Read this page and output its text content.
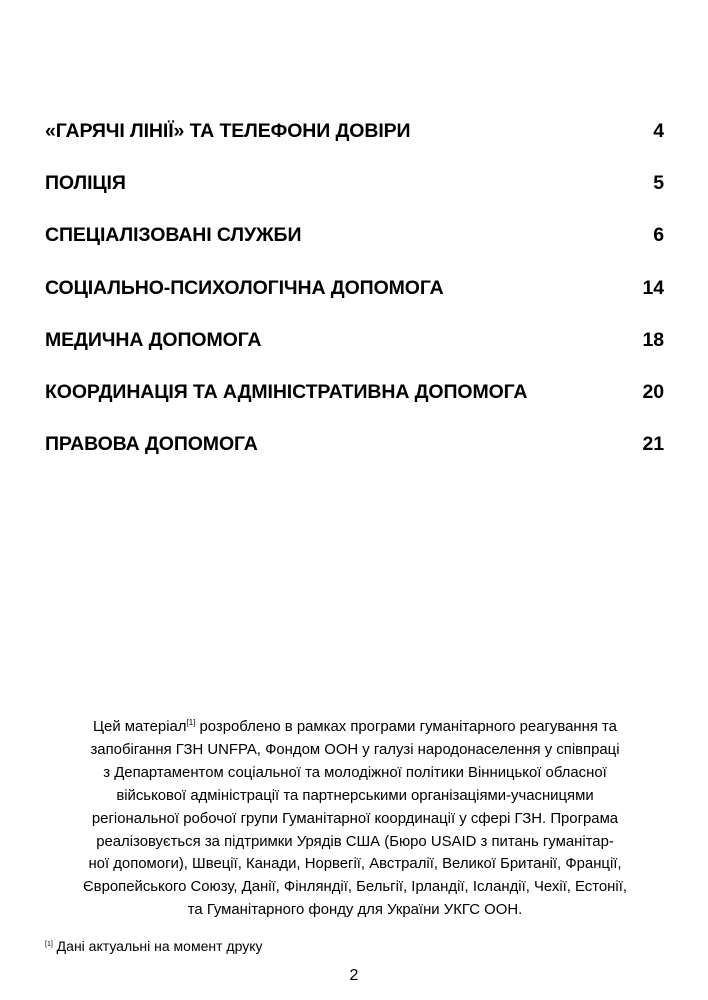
«ГАРЯЧІ ЛІНІЇ» ТА ТЕЛЕФОНИ ДОВІРИ	4
ПОЛІЦІЯ	5
СПЕЦІАЛІЗОВАНІ СЛУЖБИ	6
СОЦІАЛЬНО-ПСИХОЛОГІЧНА ДОПОМОГА	14
МЕДИЧНА ДОПОМОГА	18
КООРДИНАЦІЯ ТА АДМІНІСТРАТИВНА ДОПОМОГА	20
ПРАВОВА ДОПОМОГА	21

Цей матеріал[1] розроблено в рамках програми гуманітарного реагування та

запобігання ГЗН UNFPA, Фондом ООН у галузі народонаселення у співпраці

з Департаментом соціальної та молодіжної політики Вінницької обласної

військової адміністрації та партнерськими організаціями-учасницями

регіональної робочої групи Гуманітарної координації у сфері ГЗН. Програма

реалізовується за підтримки Урядів США (Бюро USAID з питань гуманітар-

ної допомоги), Швеції, Канади, Норвегії, Австралії, Великої Британії, Франції,

Європейського Союзу, Данії, Фінляндії, Бельгії, Ірландії, Ісландії, Чехії, Естонії,

та Гуманітарного фонду для України УКГС ООН.

[1] Дані актуальні на момент друку
2
